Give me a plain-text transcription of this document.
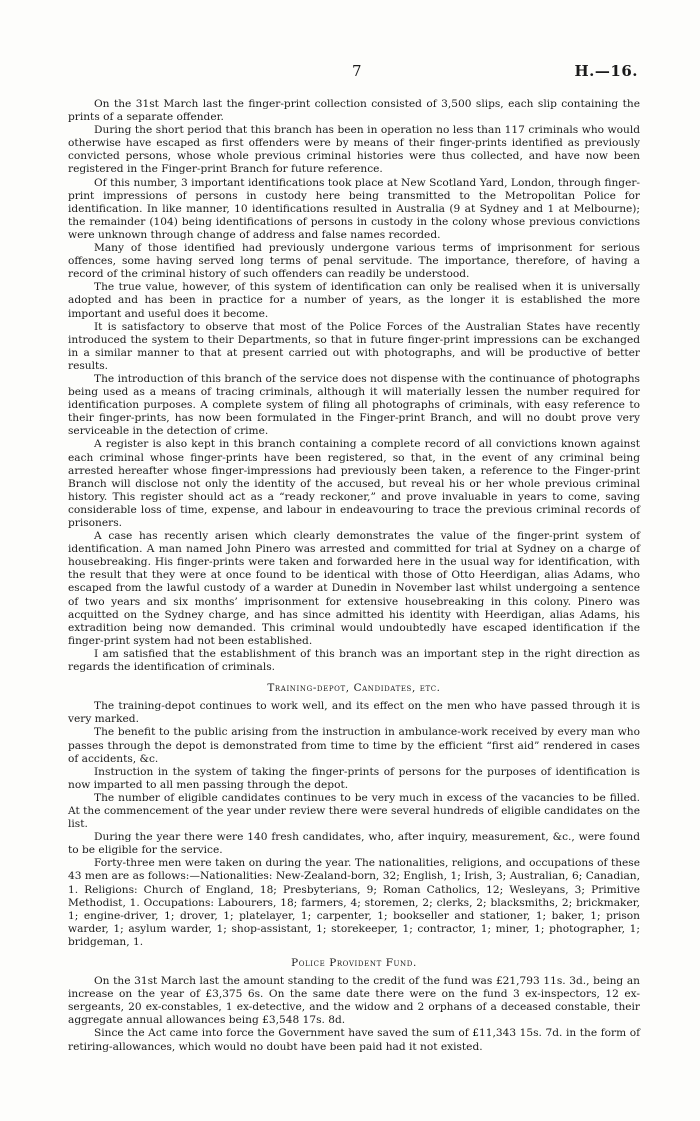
7	H.—16.

On the 31st March last the finger-print collection consisted of 3,500 slips, each slip containing the prints of a separate offender.

During the short period that this branch has been in operation no less than 117 criminals who would otherwise have escaped as first offenders were by means of their finger-prints identified as previously convicted persons, whose whole previous criminal histories were thus collected, and have now been registered in the Finger-print Branch for future reference.

Of this number, 3 important identifications took place at New Scotland Yard, London, through finger-print impressions of persons in custody here being transmitted to the Metropolitan Police for identification. In like manner, 10 identifications resulted in Australia (9 at Sydney and 1 at Melbourne); the remainder (104) being identifications of persons in custody in the colony whose previous convictions were unknown through change of address and false names recorded.

Many of those identified had previously undergone various terms of imprisonment for serious offences, some having served long terms of penal servitude. The importance, therefore, of having a record of the criminal history of such offenders can readily be understood.

The true value, however, of this system of identification can only be realised when it is universally adopted and has been in practice for a number of years, as the longer it is established the more important and useful does it become.

It is satisfactory to observe that most of the Police Forces of the Australian States have recently introduced the system to their Departments, so that in future finger-print impressions can be exchanged in a similar manner to that at present carried out with photographs, and will be productive of better results.

The introduction of this branch of the service does not dispense with the continuance of photographs being used as a means of tracing criminals, although it will materially lessen the number required for identification purposes. A complete system of filing all photographs of criminals, with easy reference to their finger-prints, has now been formulated in the Finger-print Branch, and will no doubt prove very serviceable in the detection of crime.

A register is also kept in this branch containing a complete record of all convictions known against each criminal whose finger-prints have been registered, so that, in the event of any criminal being arrested hereafter whose finger-impressions had previously been taken, a reference to the Finger-print Branch will disclose not only the identity of the accused, but reveal his or her whole previous criminal history. This register should act as a “ready reckoner,” and prove invaluable in years to come, saving considerable loss of time, expense, and labour in endeavouring to trace the previous criminal records of prisoners.

A case has recently arisen which clearly demonstrates the value of the finger-print system of identification. A man named John Pinero was arrested and committed for trial at Sydney on a charge of housebreaking. His finger-prints were taken and forwarded here in the usual way for identification, with the result that they were at once found to be identical with those of Otto Heerdigan, alias Adams, who escaped from the lawful custody of a warder at Dunedin in November last whilst undergoing a sentence of two years and six months’ imprisonment for extensive housebreaking in this colony. Pinero was acquitted on the Sydney charge, and has since admitted his identity with Heerdigan, alias Adams, his extradition being now demanded. This criminal would undoubtedly have escaped identification if the finger-print system had not been established.

I am satisfied that the establishment of this branch was an important step in the right direction as regards the identification of criminals.

Training-depot, Candidates, etc.

The training-depot continues to work well, and its effect on the men who have passed through it is very marked.

The benefit to the public arising from the instruction in ambulance-work received by every man who passes through the depot is demonstrated from time to time by the efficient “first aid” rendered in cases of accidents, &c.

Instruction in the system of taking the finger-prints of persons for the purposes of identification is now imparted to all men passing through the depot.

The number of eligible candidates continues to be very much in excess of the vacancies to be filled. At the commencement of the year under review there were several hundreds of eligible candidates on the list.

During the year there were 140 fresh candidates, who, after inquiry, measurement, &c., were found to be eligible for the service.

Forty-three men were taken on during the year. The nationalities, religions, and occupations of these 43 men are as follows:—Nationalities: New-Zealand-born, 32; English, 1; Irish, 3; Australian, 6; Canadian, 1. Religions: Church of England, 18; Presbyterians, 9; Roman Catholics, 12; Wesleyans, 3; Primitive Methodist, 1. Occupations: Labourers, 18; farmers, 4; storemen, 2; clerks, 2; blacksmiths, 2; brickmaker, 1; engine-driver, 1; drover, 1; platelayer, 1; carpenter, 1; bookseller and stationer, 1; baker, 1; prison warder, 1; asylum warder, 1; shop-assistant, 1; storekeeper, 1; contractor, 1; miner, 1; photographer, 1; bridgeman, 1.

Police Provident Fund.

On the 31st March last the amount standing to the credit of the fund was £21,793 11s. 3d., being an increase on the year of £3,375 6s. On the same date there were on the fund 3 ex-inspectors, 12 ex-sergeants, 20 ex-constables, 1 ex-detective, and the widow and 2 orphans of a deceased constable, their aggregate annual allowances being £3,548 17s. 8d.

Since the Act came into force the Government have saved the sum of £11,343 15s. 7d. in the form of retiring-allowances, which would no doubt have been paid had it not existed.
